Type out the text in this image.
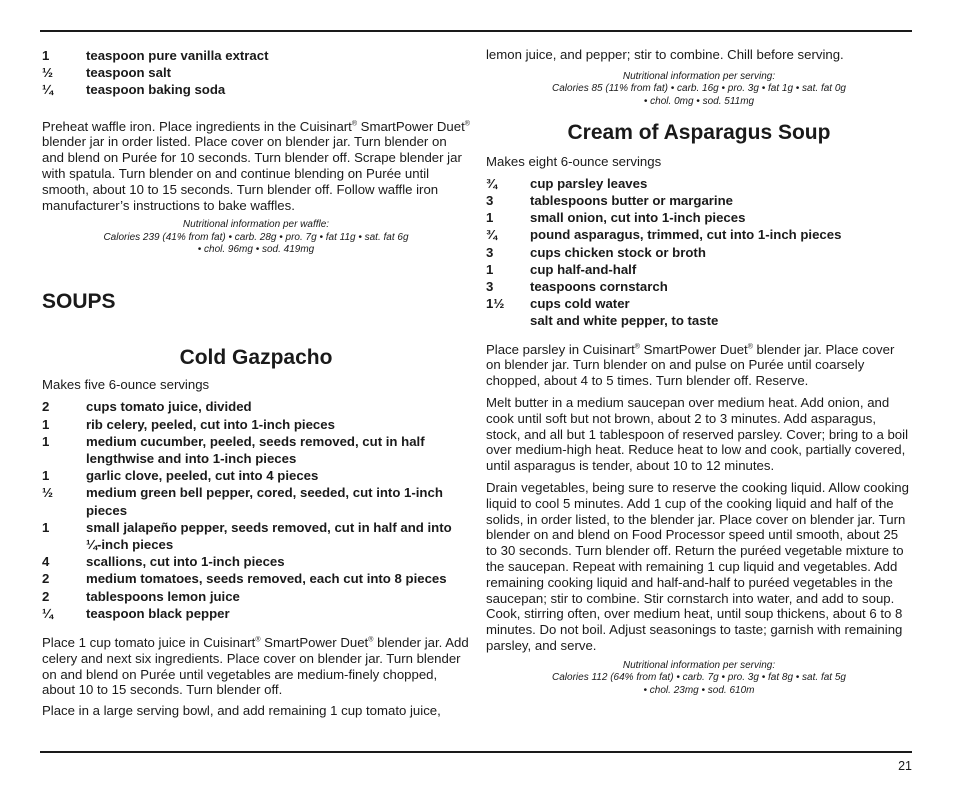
1	teaspoon pure vanilla extract
½	teaspoon salt
¼	teaspoon baking soda

Preheat waffle iron. Place ingredients in the Cuisinart® SmartPower Duet® blender jar in order listed. Place cover on blender jar. Turn blender on and blend on Purée for 10 seconds. Turn blender off. Scrape blender jar with spatula. Turn blender on and continue blending on Purée until smooth, about 10 to 15 seconds. Turn blender off. Follow waffle iron manufacturer’s instructions to bake waffles.

Nutritional information per waffle:

Calories 239 (41% from fat) • carb. 28g • pro. 7g • fat 11g • sat. fat 6g

• chol. 96mg • sod. 419mg

SOUPS
Cold Gazpacho

Makes five 6-ounce servings

2	cups tomato juice, divided
1	rib celery, peeled, cut into 1-inch pieces
1	medium cucumber, peeled, seeds removed, cut in half lengthwise and into 1-inch pieces
1	garlic clove, peeled, cut into 4 pieces
½	medium green bell pepper, cored, seeded, cut into 1-inch pieces
1	small jalapeño pepper, seeds removed, cut in half and into ¼-inch pieces
4	scallions, cut into 1-inch pieces
2	medium tomatoes, seeds removed, each cut into 8 pieces
2	tablespoons lemon juice
¼	teaspoon black pepper

Place 1 cup tomato juice in Cuisinart® SmartPower Duet® blender jar. Add celery and next six ingredients. Place cover on blender jar. Turn blender on and blend on Purée until vegetables are medium-finely chopped, about 10 to 15 seconds. Turn blender off.

Place in a large serving bowl, and add remaining 1 cup tomato juice,

lemon juice, and pepper; stir to combine. Chill before serving.

Nutritional information per serving:

Calories 85 (11% from fat) • carb. 16g • pro. 3g • fat 1g • sat. fat 0g

• chol. 0mg • sod. 511mg

Cream of Asparagus Soup

Makes eight 6-ounce servings

¾	cup parsley leaves
3	tablespoons butter or margarine
1	small onion, cut into 1-inch pieces
¾	pound asparagus, trimmed, cut into 1-inch pieces
3	cups chicken stock or broth
1	cup half-and-half
3	teaspoons cornstarch
1½	cups cold water
salt and white pepper, to taste

Place parsley in Cuisinart® SmartPower Duet® blender jar. Place cover on blender jar. Turn blender on and pulse on Purée until coarsely chopped, about 4 to 5 times. Turn blender off. Reserve.

Melt butter in a medium saucepan over medium heat. Add onion, and cook until soft but not brown, about 2 to 3 minutes. Add asparagus, stock, and all but 1 tablespoon of reserved parsley. Cover; bring to a boil over medium-high heat. Reduce heat to low and cook, partially covered, until asparagus is tender, about 10 to 12 minutes.

Drain vegetables, being sure to reserve the cooking liquid. Allow cooking liquid to cool 5 minutes. Add 1 cup of the cooking liquid and half of the solids, in order listed, to the blender jar. Place cover on blender jar. Turn blender on and blend on Food Processor speed until smooth, about 25 to 30 seconds. Turn blender off. Return the puréed vegetable mixture to the saucepan. Repeat with remaining 1 cup liquid and vegetables. Add remaining cooking liquid and half-and-half to puréed vegetables in the saucepan; stir to combine. Stir cornstarch into water, and add to soup. Cook, stirring often, over medium heat, until soup thickens, about 6 to 8 minutes. Do not boil. Adjust seasonings to taste; garnish with remaining parsley, and serve.

Nutritional information per serving:

Calories 112 (64% from fat) • carb. 7g • pro. 3g • fat 8g • sat. fat 5g

• chol. 23mg • sod. 610m

21
